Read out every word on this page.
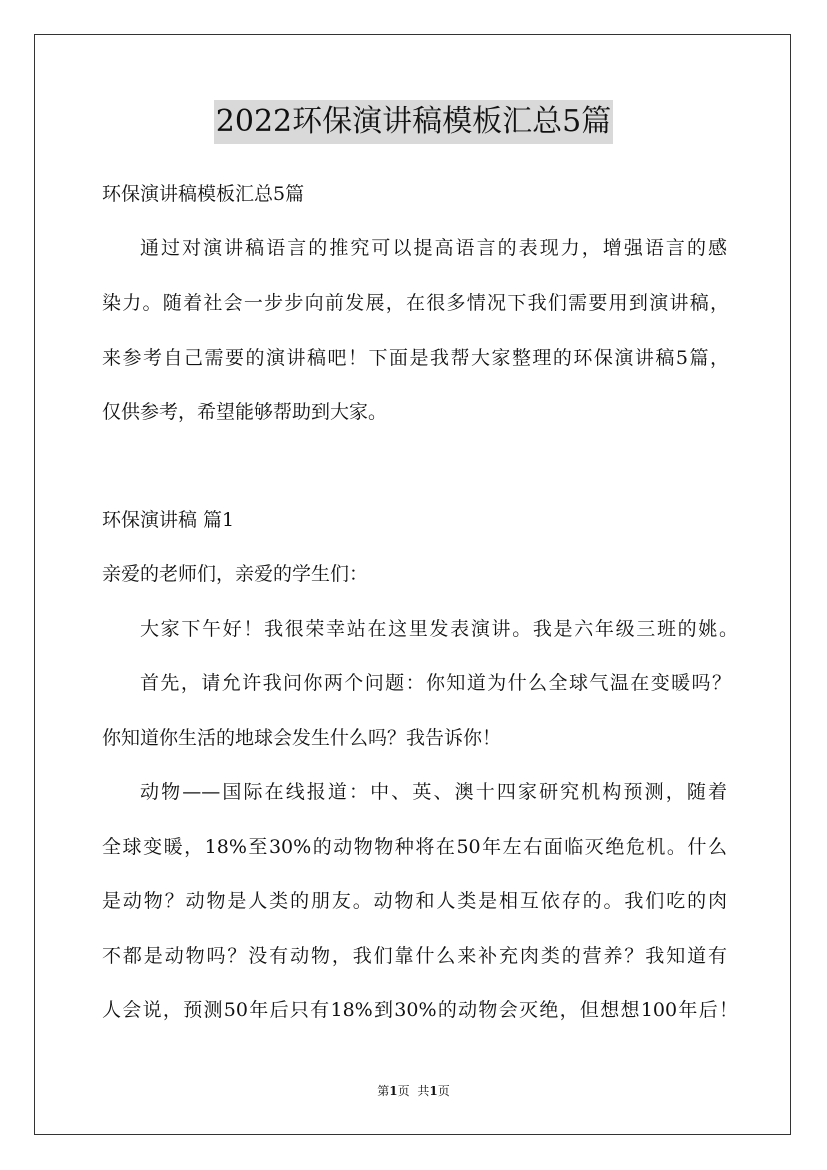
2022环保演讲稿模板汇总5篇
环保演讲稿模板汇总5篇
通过对演讲稿语言的推究可以提高语言的表现力，增强语言的感
染力。随着社会一步步向前发展，在很多情况下我们需要用到演讲稿，
来参考自己需要的演讲稿吧！下面是我帮大家整理的环保演讲稿5篇，
仅供参考，希望能够帮助到大家。
环保演讲稿 篇1
亲爱的老师们，亲爱的学生们：
大家下午好！我很荣幸站在这里发表演讲。我是六年级三班的姚。
首先，请允许我问你两个问题：你知道为什么全球气温在变暖吗？
你知道你生活的地球会发生什么吗？我告诉你！
动物——国际在线报道：中、英、澳十四家研究机构预测，随着
全球变暖，18%至30%的动物物种将在50年左右面临灭绝危机。什么
是动物？动物是人类的朋友。动物和人类是相互依存的。我们吃的肉
不都是动物吗？没有动物，我们靠什么来补充肉类的营养？我知道有
人会说，预测50年后只有18%到30%的动物会灭绝，但想想100年后！
第1页 共1页
